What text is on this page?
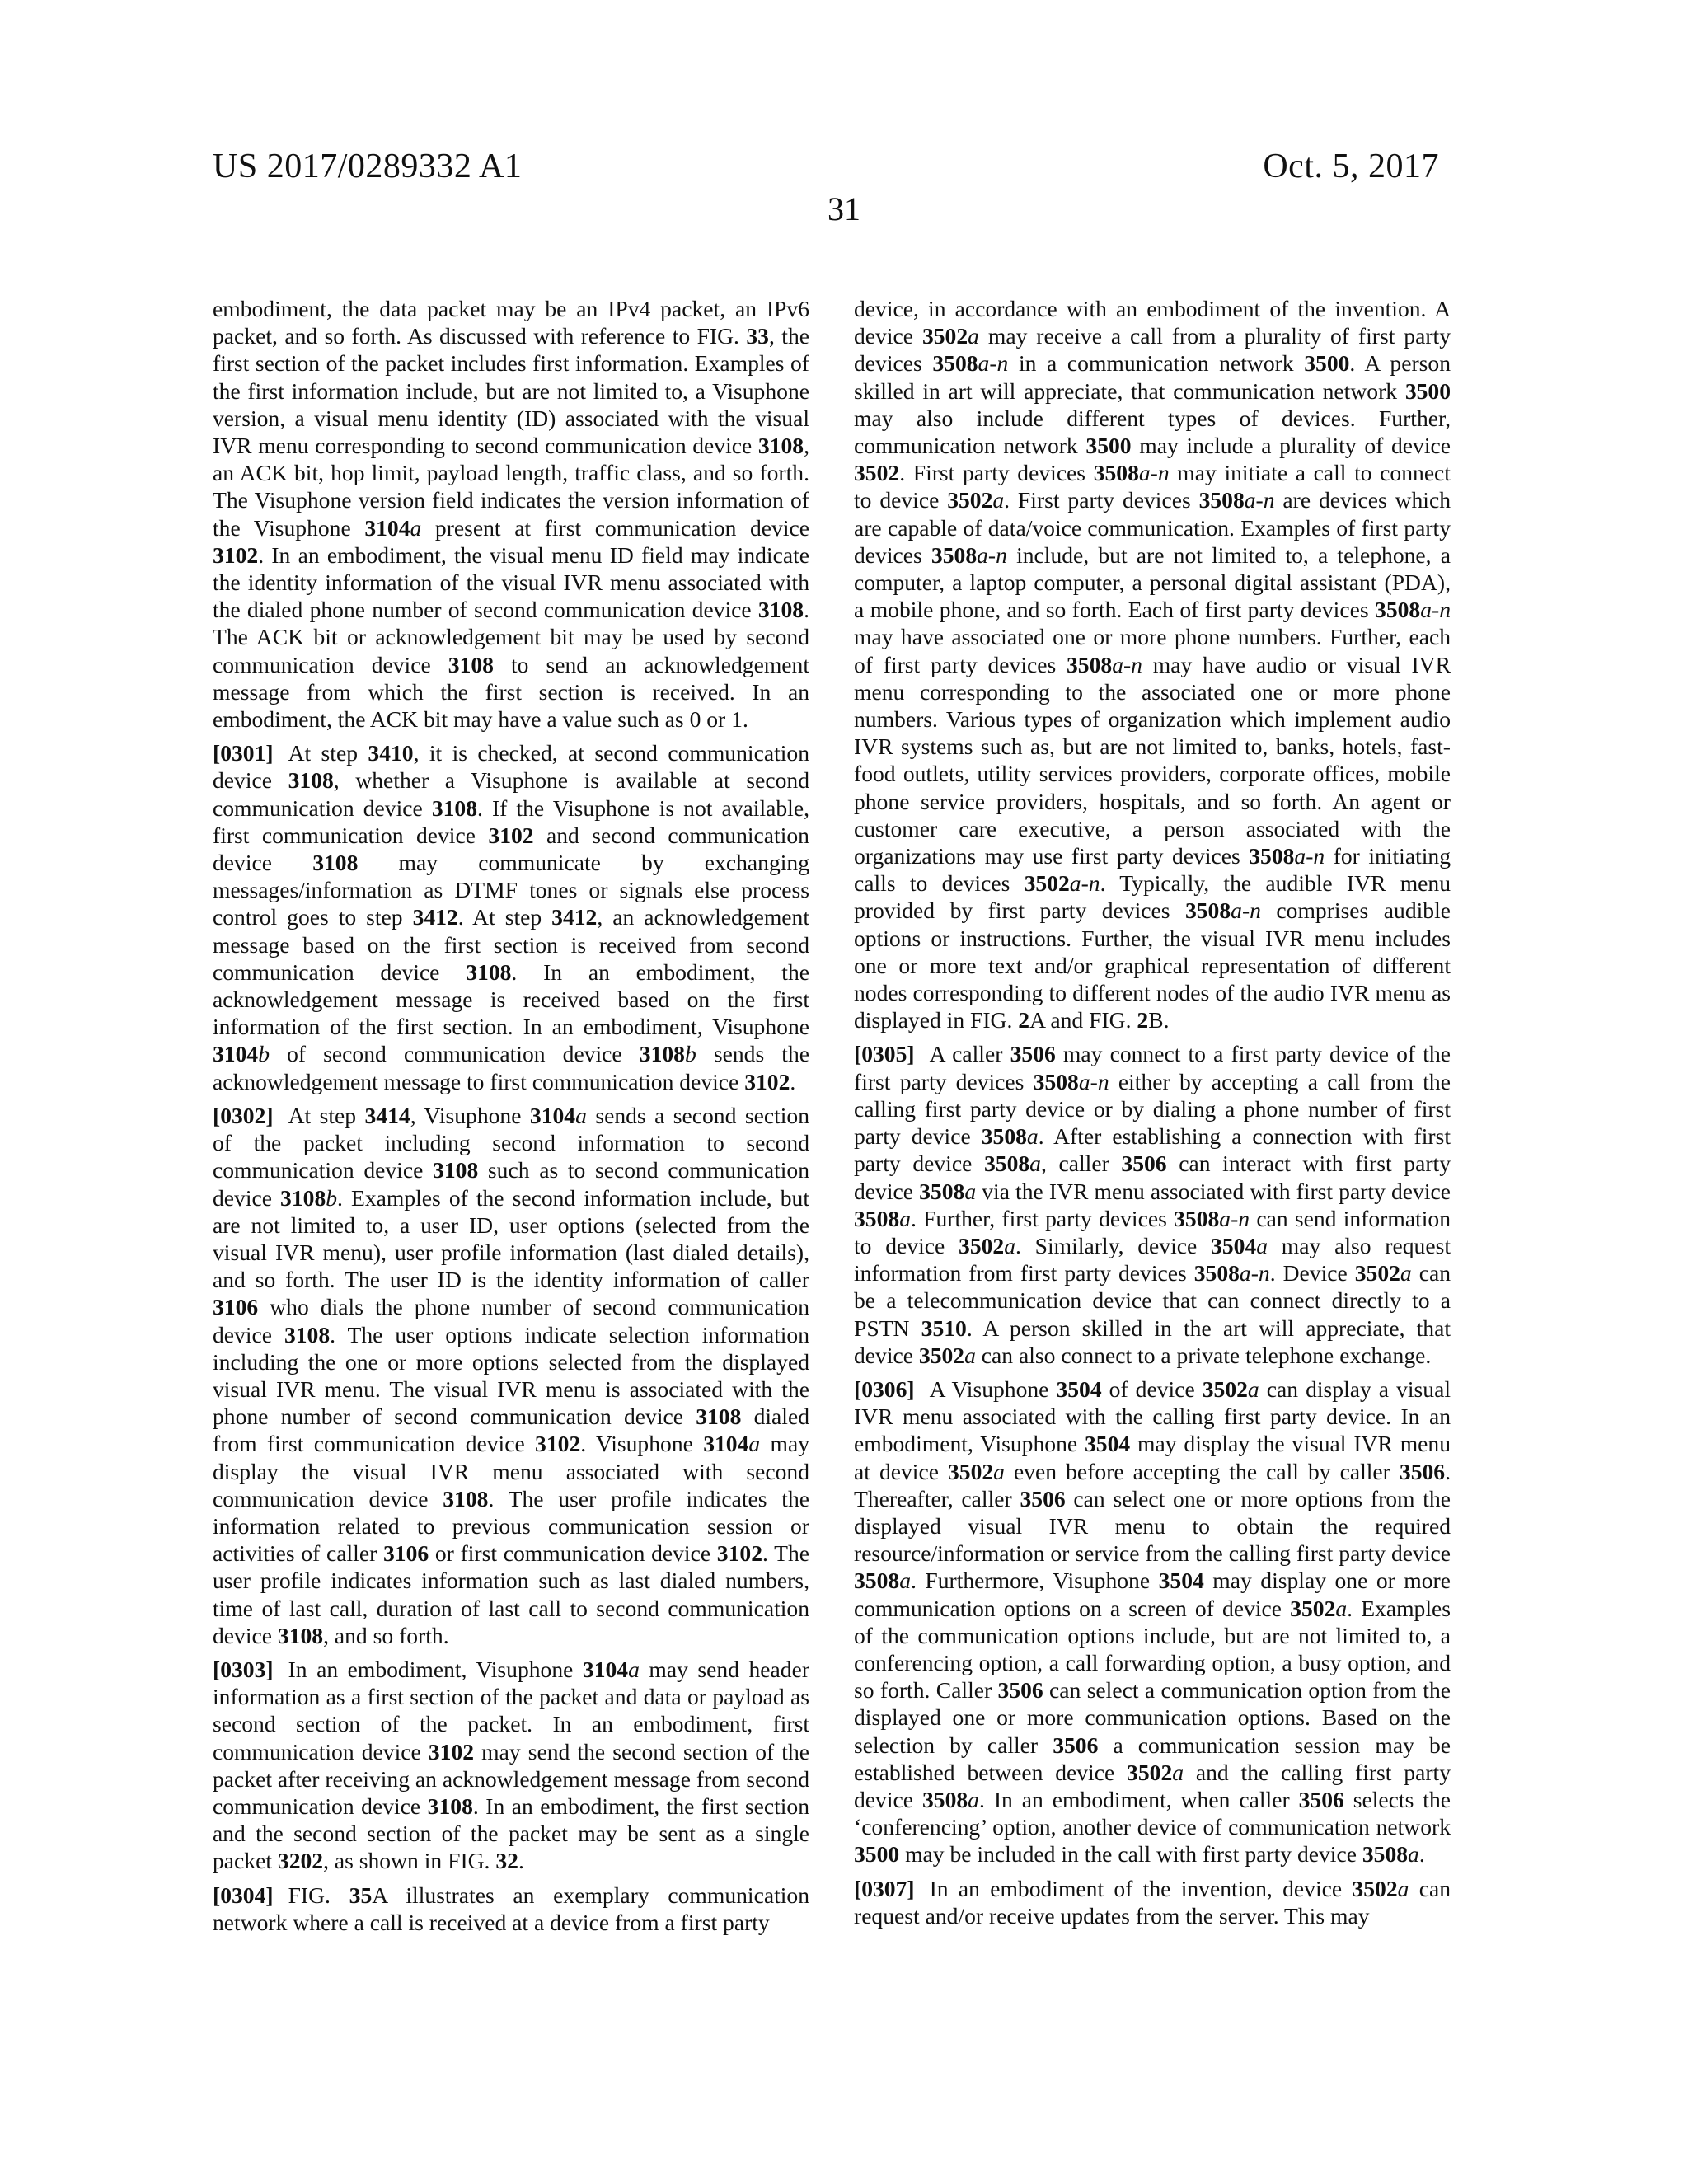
US 2017/0289332 A1	Oct. 5, 2017
31

embodiment, the data packet may be an IPv4 packet, an IPv6 packet, and so forth. As discussed with reference to FIG. 33, the first section of the packet includes first information. Examples of the first information include, but are not limited to, a Visuphone version, a visual menu identity (ID) associated with the visual IVR menu corresponding to second communication device 3108, an ACK bit, hop limit, payload length, traffic class, and so forth. The Visuphone version field indicates the version information of the Visuphone 3104a present at first communication device 3102. In an embodiment, the visual menu ID field may indicate the identity information of the visual IVR menu associated with the dialed phone number of second communication device 3108. The ACK bit or acknowledgement bit may be used by second communication device 3108 to send an acknowledgement message from which the first section is received. In an embodiment, the ACK bit may have a value such as 0 or 1.

[0301] At step 3410, it is checked, at second communication device 3108, whether a Visuphone is available at second communication device 3108. If the Visuphone is not available, first communication device 3102 and second communication device 3108 may communicate by exchanging messages/information as DTMF tones or signals else process control goes to step 3412. At step 3412, an acknowledgement message based on the first section is received from second communication device 3108. In an embodiment, the acknowledgement message is received based on the first information of the first section. In an embodiment, Visuphone 3104b of second communication device 3108b sends the acknowledgement message to first communication device 3102.

[0302] At step 3414, Visuphone 3104a sends a second section of the packet including second information to second communication device 3108 such as to second communication device 3108b. Examples of the second information include, but are not limited to, a user ID, user options (selected from the visual IVR menu), user profile information (last dialed details), and so forth. The user ID is the identity information of caller 3106 who dials the phone number of second communication device 3108. The user options indicate selection information including the one or more options selected from the displayed visual IVR menu. The visual IVR menu is associated with the phone number of second communication device 3108 dialed from first communication device 3102. Visuphone 3104a may display the visual IVR menu associated with second communication device 3108. The user profile indicates the information related to previous communication session or activities of caller 3106 or first communication device 3102. The user profile indicates information such as last dialed numbers, time of last call, duration of last call to second communication device 3108, and so forth.

[0303] In an embodiment, Visuphone 3104a may send header information as a first section of the packet and data or payload as second section of the packet. In an embodiment, first communication device 3102 may send the second section of the packet after receiving an acknowledgement message from second communication device 3108. In an embodiment, the first section and the second section of the packet may be sent as a single packet 3202, as shown in FIG. 32.

[0304] FIG. 35A illustrates an exemplary communication network where a call is received at a device from a first party

device, in accordance with an embodiment of the invention. A device 3502a may receive a call from a plurality of first party devices 3508a-n in a communication network 3500. A person skilled in art will appreciate, that communication network 3500 may also include different types of devices. Further, communication network 3500 may include a plurality of device 3502. First party devices 3508a-n may initiate a call to connect to device 3502a. First party devices 3508a-n are devices which are capable of data/voice communication. Examples of first party devices 3508a-n include, but are not limited to, a telephone, a computer, a laptop computer, a personal digital assistant (PDA), a mobile phone, and so forth. Each of first party devices 3508a-n may have associated one or more phone numbers. Further, each of first party devices 3508a-n may have audio or visual IVR menu corresponding to the associated one or more phone numbers. Various types of organization which implement audio IVR systems such as, but are not limited to, banks, hotels, fast-food outlets, utility services providers, corporate offices, mobile phone service providers, hospitals, and so forth. An agent or customer care executive, a person associated with the organizations may use first party devices 3508a-n for initiating calls to devices 3502a-n. Typically, the audible IVR menu provided by first party devices 3508a-n comprises audible options or instructions. Further, the visual IVR menu includes one or more text and/or graphical representation of different nodes corresponding to different nodes of the audio IVR menu as displayed in FIG. 2A and FIG. 2B.

[0305] A caller 3506 may connect to a first party device of the first party devices 3508a-n either by accepting a call from the calling first party device or by dialing a phone number of first party device 3508a. After establishing a connection with first party device 3508a, caller 3506 can interact with first party device 3508a via the IVR menu associated with first party device 3508a. Further, first party devices 3508a-n can send information to device 3502a. Similarly, device 3504a may also request information from first party devices 3508a-n. Device 3502a can be a telecommunication device that can connect directly to a PSTN 3510. A person skilled in the art will appreciate, that device 3502a can also connect to a private telephone exchange.

[0306] A Visuphone 3504 of device 3502a can display a visual IVR menu associated with the calling first party device. In an embodiment, Visuphone 3504 may display the visual IVR menu at device 3502a even before accepting the call by caller 3506. Thereafter, caller 3506 can select one or more options from the displayed visual IVR menu to obtain the required resource/information or service from the calling first party device 3508a. Furthermore, Visuphone 3504 may display one or more communication options on a screen of device 3502a. Examples of the communication options include, but are not limited to, a conferencing option, a call forwarding option, a busy option, and so forth. Caller 3506 can select a communication option from the displayed one or more communication options. Based on the selection by caller 3506 a communication session may be established between device 3502a and the calling first party device 3508a. In an embodiment, when caller 3506 selects the ‘conferencing’ option, another device of communication network 3500 may be included in the call with first party device 3508a.

[0307] In an embodiment of the invention, device 3502a can request and/or receive updates from the server. This may
